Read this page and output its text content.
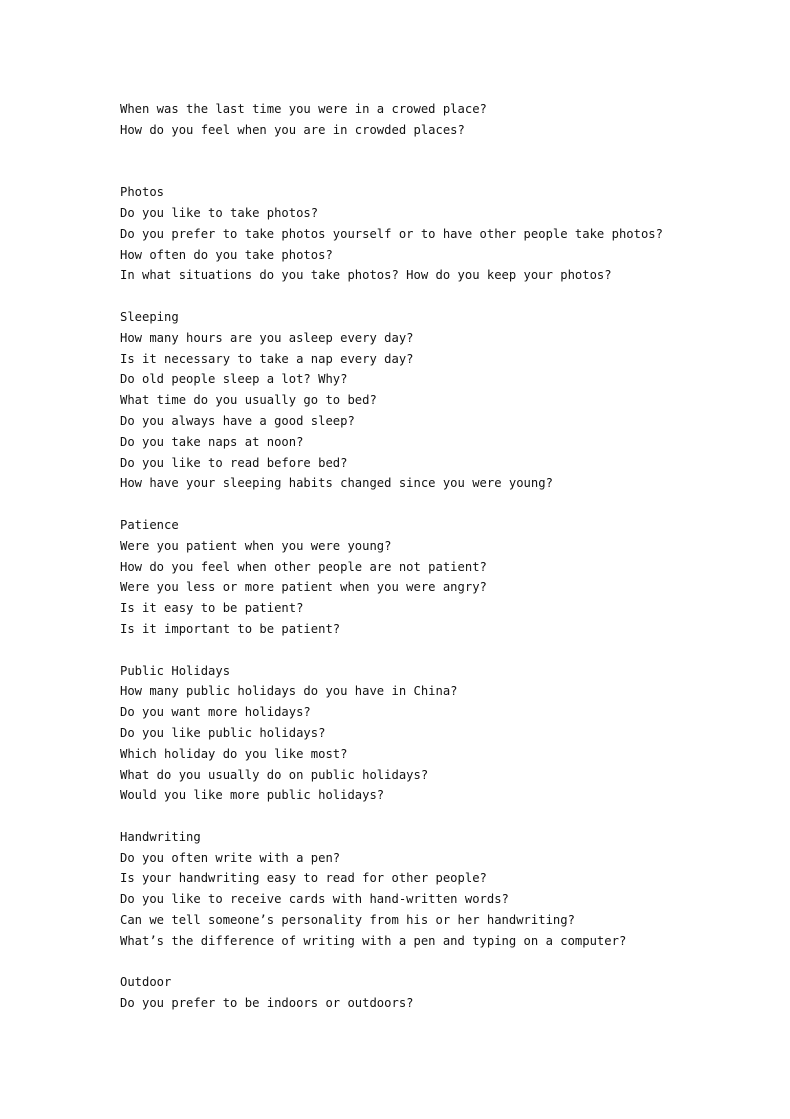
When was the last time you were in a crowed place?
How do you feel when you are in crowded places?
Photos
Do you like to take photos?
Do you prefer to take photos yourself or to have other people take photos?
How often do you take photos?
In what situations do you take photos? How do you keep your photos?
Sleeping
How many hours are you asleep every day?
Is it necessary to take a nap every day?
Do old people sleep a lot? Why?
What time do you usually go to bed?
Do you always have a good sleep?
Do you take naps at noon?
Do you like to read before bed?
How have your sleeping habits changed since you were young?
Patience
Were you patient when you were young?
How do you feel when other people are not patient?
Were you less or more patient when you were angry?
Is it easy to be patient?
Is it important to be patient?
Public Holidays
How many public holidays do you have in China?
Do you want more holidays?
Do you like public holidays?
Which holiday do you like most?
What do you usually do on public holidays?
Would you like more public holidays?
Handwriting
Do you often write with a pen?
Is your handwriting easy to read for other people?
Do you like to receive cards with hand-written words?
Can we tell someone’s personality from his or her handwriting?
What’s the difference of writing with a pen and typing on a computer?
Outdoor
Do you prefer to be indoors or outdoors?
